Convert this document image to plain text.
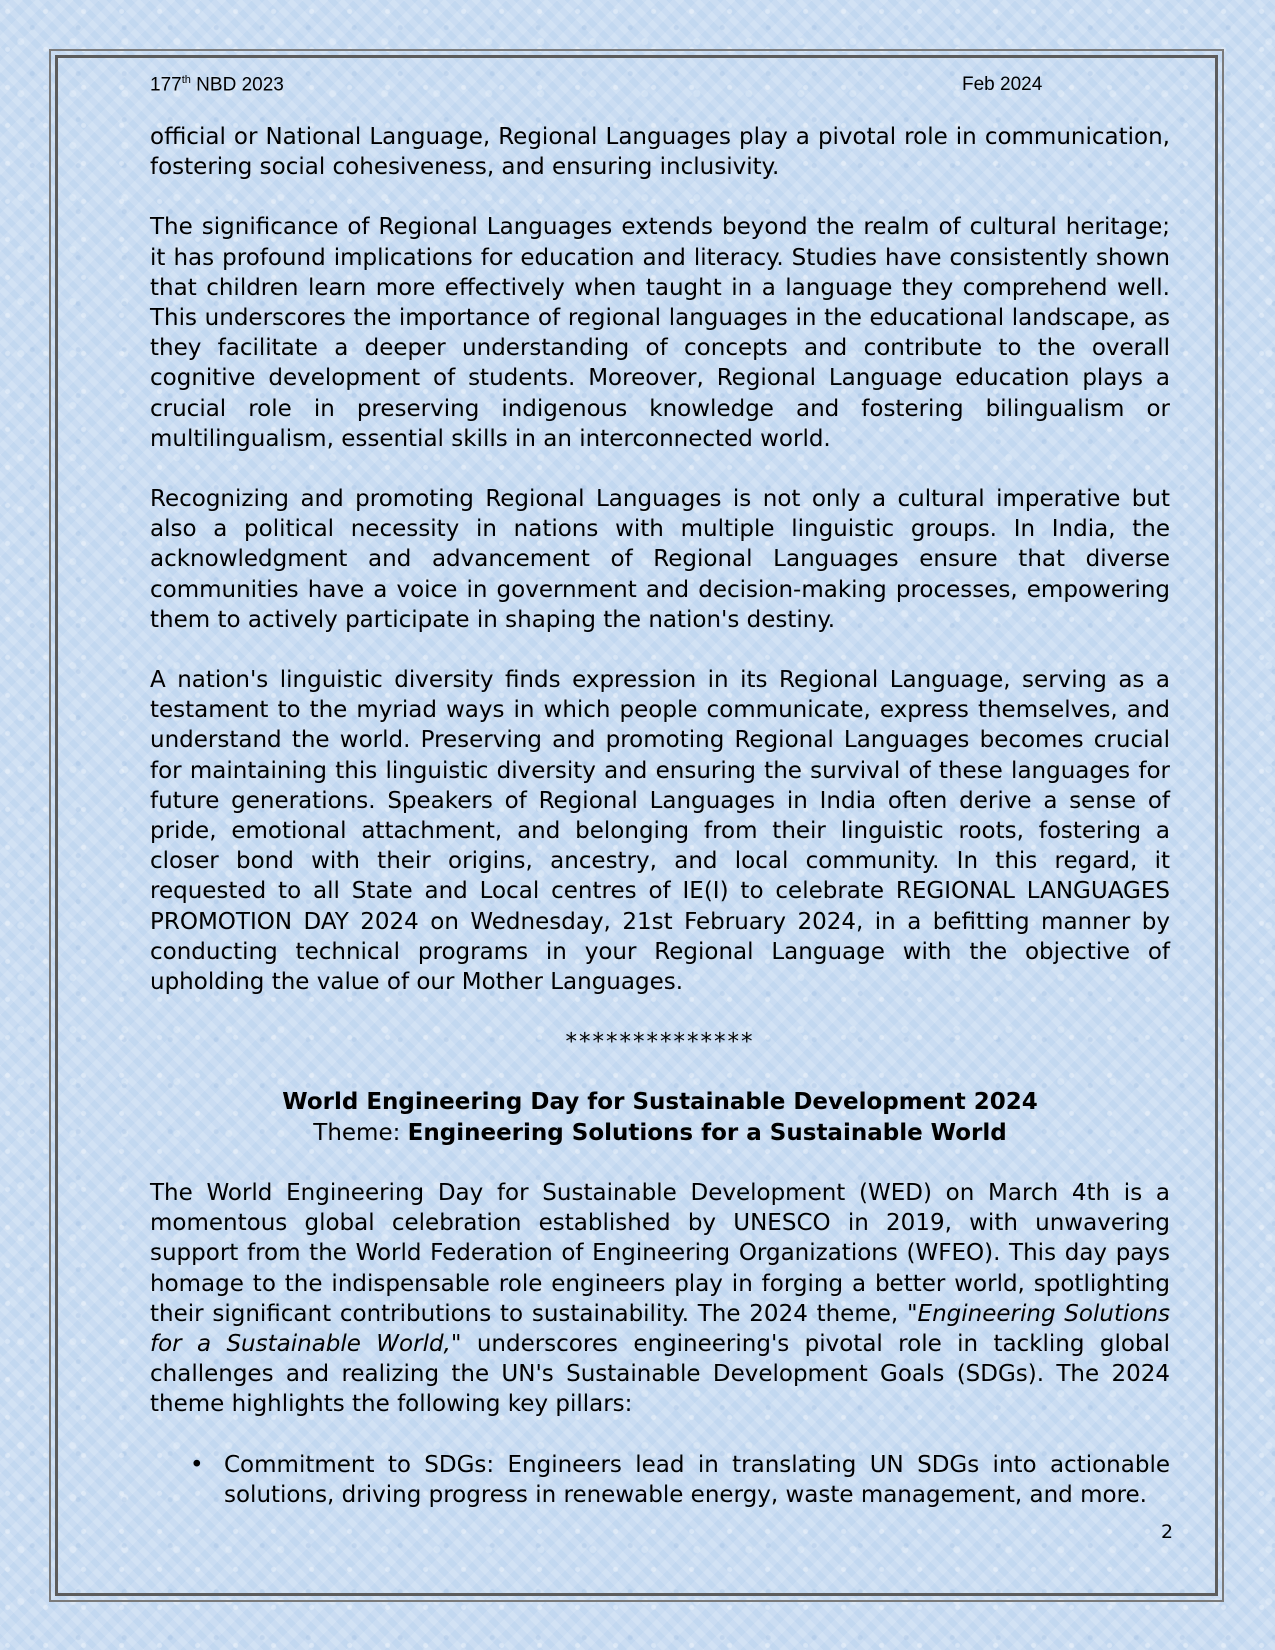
177th NBD 2023	Feb 2024

official or National Language, Regional Languages play a pivotal role in communication, fostering social cohesiveness, and ensuring inclusivity.

The significance of Regional Languages extends beyond the realm of cultural heritage; it has profound implications for education and literacy. Studies have consistently shown that children learn more effectively when taught in a language they comprehend well. This underscores the importance of regional languages in the educational landscape, as they facilitate a deeper understanding of concepts and contribute to the overall cognitive development of students. Moreover, Regional Language education plays a crucial role in preserving indigenous knowledge and fostering bilingualism or multilingualism, essential skills in an interconnected world.

Recognizing and promoting Regional Languages is not only a cultural imperative but also a political necessity in nations with multiple linguistic groups. In India, the acknowledgment and advancement of Regional Languages ensure that diverse communities have a voice in government and decision-making processes, empowering them to actively participate in shaping the nation's destiny.

A nation's linguistic diversity finds expression in its Regional Language, serving as a testament to the myriad ways in which people communicate, express themselves, and understand the world. Preserving and promoting Regional Languages becomes crucial for maintaining this linguistic diversity and ensuring the survival of these languages for future generations. Speakers of Regional Languages in India often derive a sense of pride, emotional attachment, and belonging from their linguistic roots, fostering a closer bond with their origins, ancestry, and local community. In this regard, it requested to all State and Local centres of IE(I) to celebrate REGIONAL LANGUAGES PROMOTION DAY 2024 on Wednesday, 21st February 2024, in a befitting manner by conducting technical programs in your Regional Language with the objective of upholding the value of our Mother Languages.

**************

World Engineering Day for Sustainable Development 2024

Theme: Engineering Solutions for a Sustainable World

The World Engineering Day for Sustainable Development (WED) on March 4th is a momentous global celebration established by UNESCO in 2019, with unwavering support from the World Federation of Engineering Organizations (WFEO). This day pays homage to the indispensable role engineers play in forging a better world, spotlighting their significant contributions to sustainability. The 2024 theme, "Engineering Solutions for a Sustainable World," underscores engineering's pivotal role in tackling global challenges and realizing the UN's Sustainable Development Goals (SDGs). The 2024 theme highlights the following key pillars:

• Commitment to SDGs: Engineers lead in translating UN SDGs into actionable solutions, driving progress in renewable energy, waste management, and more.
2
